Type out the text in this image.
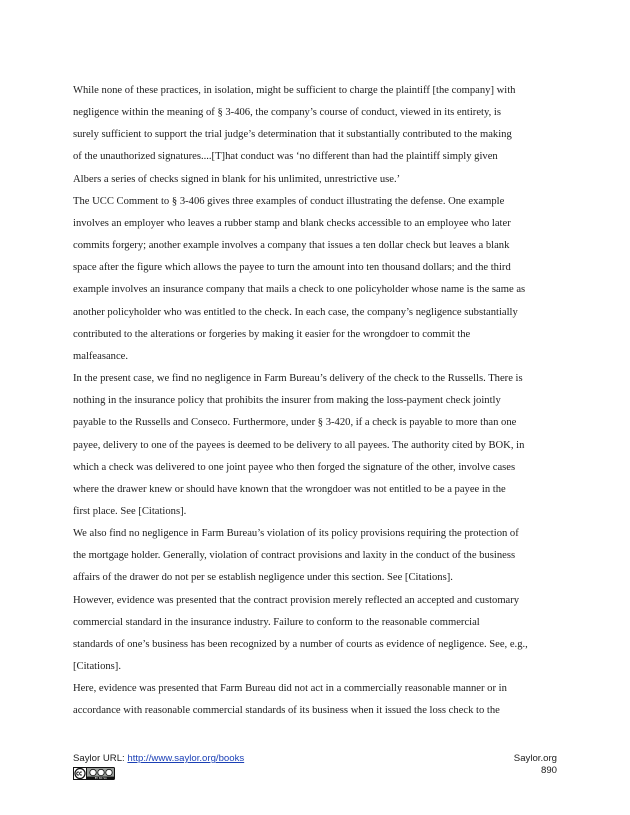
While none of these practices, in isolation, might be sufficient to charge the plaintiff [the company] with
negligence within the meaning of § 3-406, the company’s course of conduct, viewed in its entirety, is
surely sufficient to support the trial judge’s determination that it substantially contributed to the making
of the unauthorized signatures....[T]hat conduct was ‘no different than had the plaintiff simply given
Albers a series of checks signed in blank for his unlimited, unrestrictive use.’

The UCC Comment to § 3-406 gives three examples of conduct illustrating the defense. One example
involves an employer who leaves a rubber stamp and blank checks accessible to an employee who later
commits forgery; another example involves a company that issues a ten dollar check but leaves a blank
space after the figure which allows the payee to turn the amount into ten thousand dollars; and the third
example involves an insurance company that mails a check to one policyholder whose name is the same as
another policyholder who was entitled to the check. In each case, the company’s negligence substantially
contributed to the alterations or forgeries by making it easier for the wrongdoer to commit the
malfeasance.

In the present case, we find no negligence in Farm Bureau’s delivery of the check to the Russells. There is
nothing in the insurance policy that prohibits the insurer from making the loss-payment check jointly
payable to the Russells and Conseco. Furthermore, under § 3-420, if a check is payable to more than one
payee, delivery to one of the payees is deemed to be delivery to all payees. The authority cited by BOK, in
which a check was delivered to one joint payee who then forged the signature of the other, involve cases
where the drawer knew or should have known that the wrongdoer was not entitled to be a payee in the
first place. See [Citations].

We also find no negligence in Farm Bureau’s violation of its policy provisions requiring the protection of
the mortgage holder. Generally, violation of contract provisions and laxity in the conduct of the business
affairs of the drawer do not per se establish negligence under this section. See [Citations].

However, evidence was presented that the contract provision merely reflected an accepted and customary
commercial standard in the insurance industry. Failure to conform to the reasonable commercial
standards of one’s business has been recognized by a number of courts as evidence of negligence. See, e.g.,
[Citations].

Here, evidence was presented that Farm Bureau did not act in a commercially reasonable manner or in
accordance with reasonable commercial standards of its business when it issued the loss check to the

Saylor URL: http://www.saylor.org/books
BY NC SA
Saylor.org
890
